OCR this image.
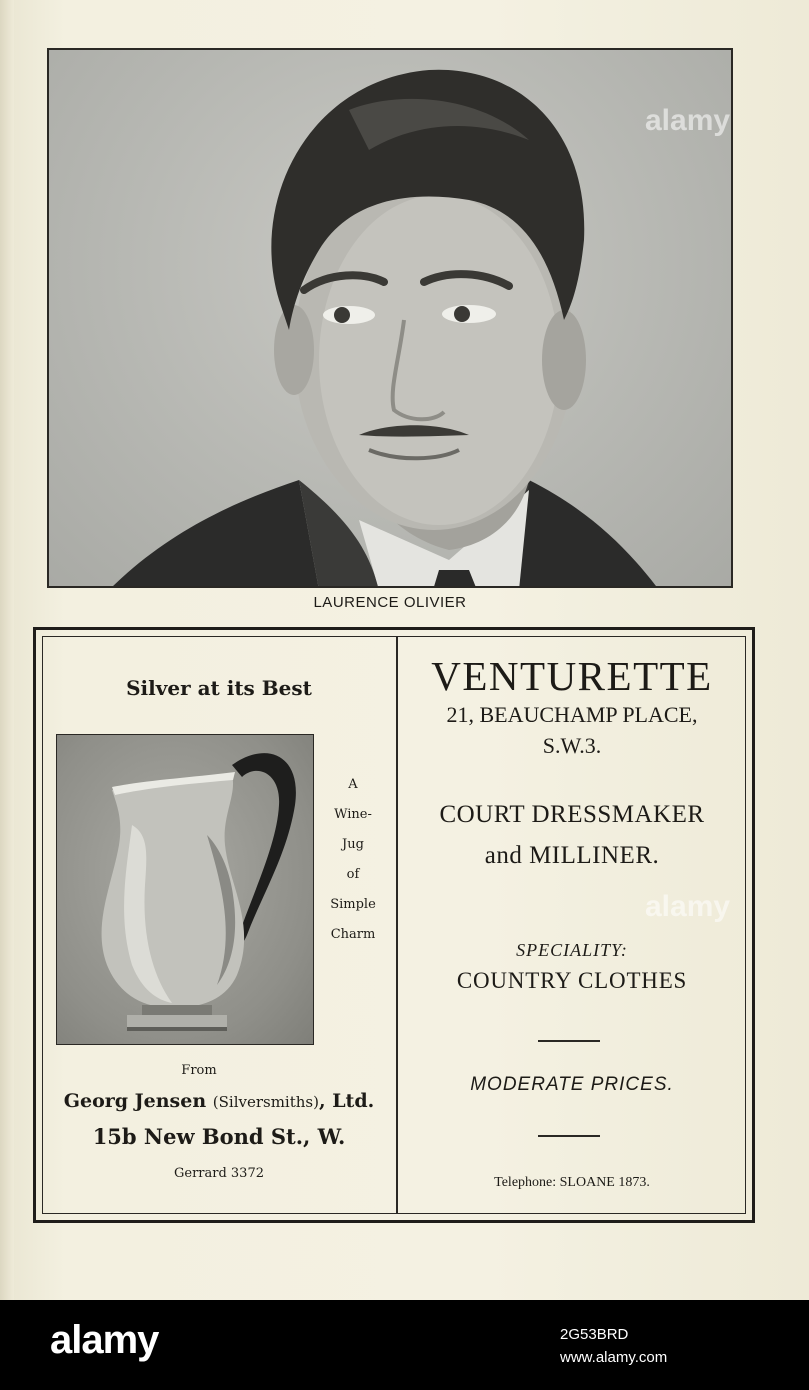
LAURENCE OLIVIER
Silver at its Best
A
Wine-
Jug
of
Simple
Charm
From
Georg Jensen (Silversmiths), Ltd.
15b New Bond St., W.
Gerrard 3372
VENTURETTE
21, BEAUCHAMP PLACE,
S.W.3.
COURT DRESSMAKER
and MILLINER.
SPECIALITY:
COUNTRY CLOTHES
MODERATE PRICES.
Telephone: SLOANE 1873.
alamy
alamy
alamy	2G53BRD
www.alamy.com
